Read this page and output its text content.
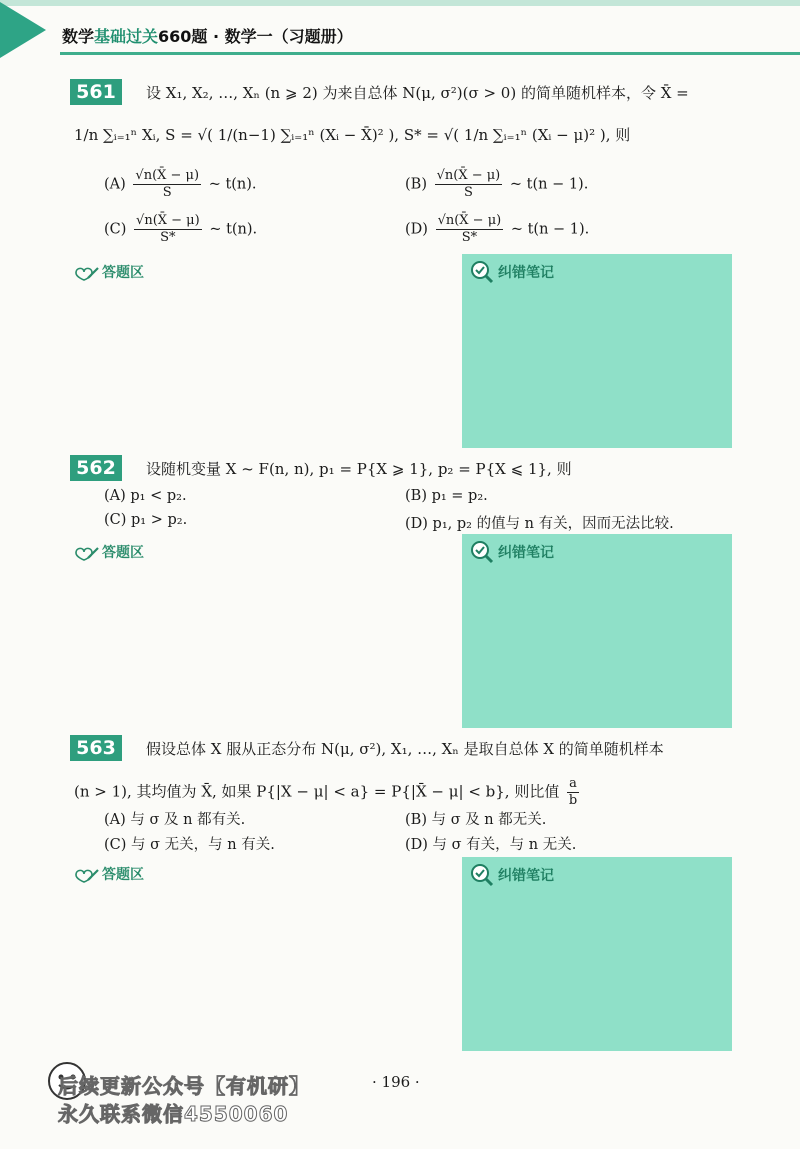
数学基础过关660题 · 数学一（习题册）
561	设 X₁, X₂, …, Xₙ (n ⩾ 2) 为来自总体 N(μ, σ²)(σ > 0) 的简单随机样本，令 X̄ =
1/n ∑ᵢ₌₁ⁿ Xᵢ, S = √( 1/(n−1) ∑ᵢ₌₁ⁿ (Xᵢ − X̄)² ), S* = √( 1/n ∑ᵢ₌₁ⁿ (Xᵢ − μ)² ), 则
$(A) \frac{√n(X̄ - \mu)}{S}$ ~ t(n).	$(B) \frac{√n(X̄ - \mu)}{S}$ ~ t(n − 1).
$(C) \frac{√n(X̄ - \mu)}{S*}$ ~ t(n).	$(D) \frac{√n(X̄ - \mu)}{S*}$ ~ t(n − 1).
答题区	纠错笔记
562	设随机变量 X ~ F(n, n), p₁ = P{X ⩾ 1}, p₂ = P{X ⩽ 1}, 则
(A) p₁ < p₂.	(B) p₁ = p₂.
(C) p₁ > p₂.	(D) p₁, p₂ 的值与 n 有关，因而无法比较.
答题区	纠错笔记
563	假设总体 X 服从正态分布 N(μ, σ²), X₁, …, Xₙ 是取自总体 X 的简单随机样本
(n > 1), 其均值为 X̄, 如果 P{|X − μ| < a} = P{|X̄ − μ| < b}, 则比值 $\frac{a}{b}$
(A) 与 σ 及 n 都有关.	(B) 与 σ 及 n 都无关.
(C) 与 σ 无关，与 n 有关.	(D) 与 σ 有关，与 n 无关.
答题区	纠错笔记
· 196 ·
后续更新公众号【有机研】
永久联系微信4550060
